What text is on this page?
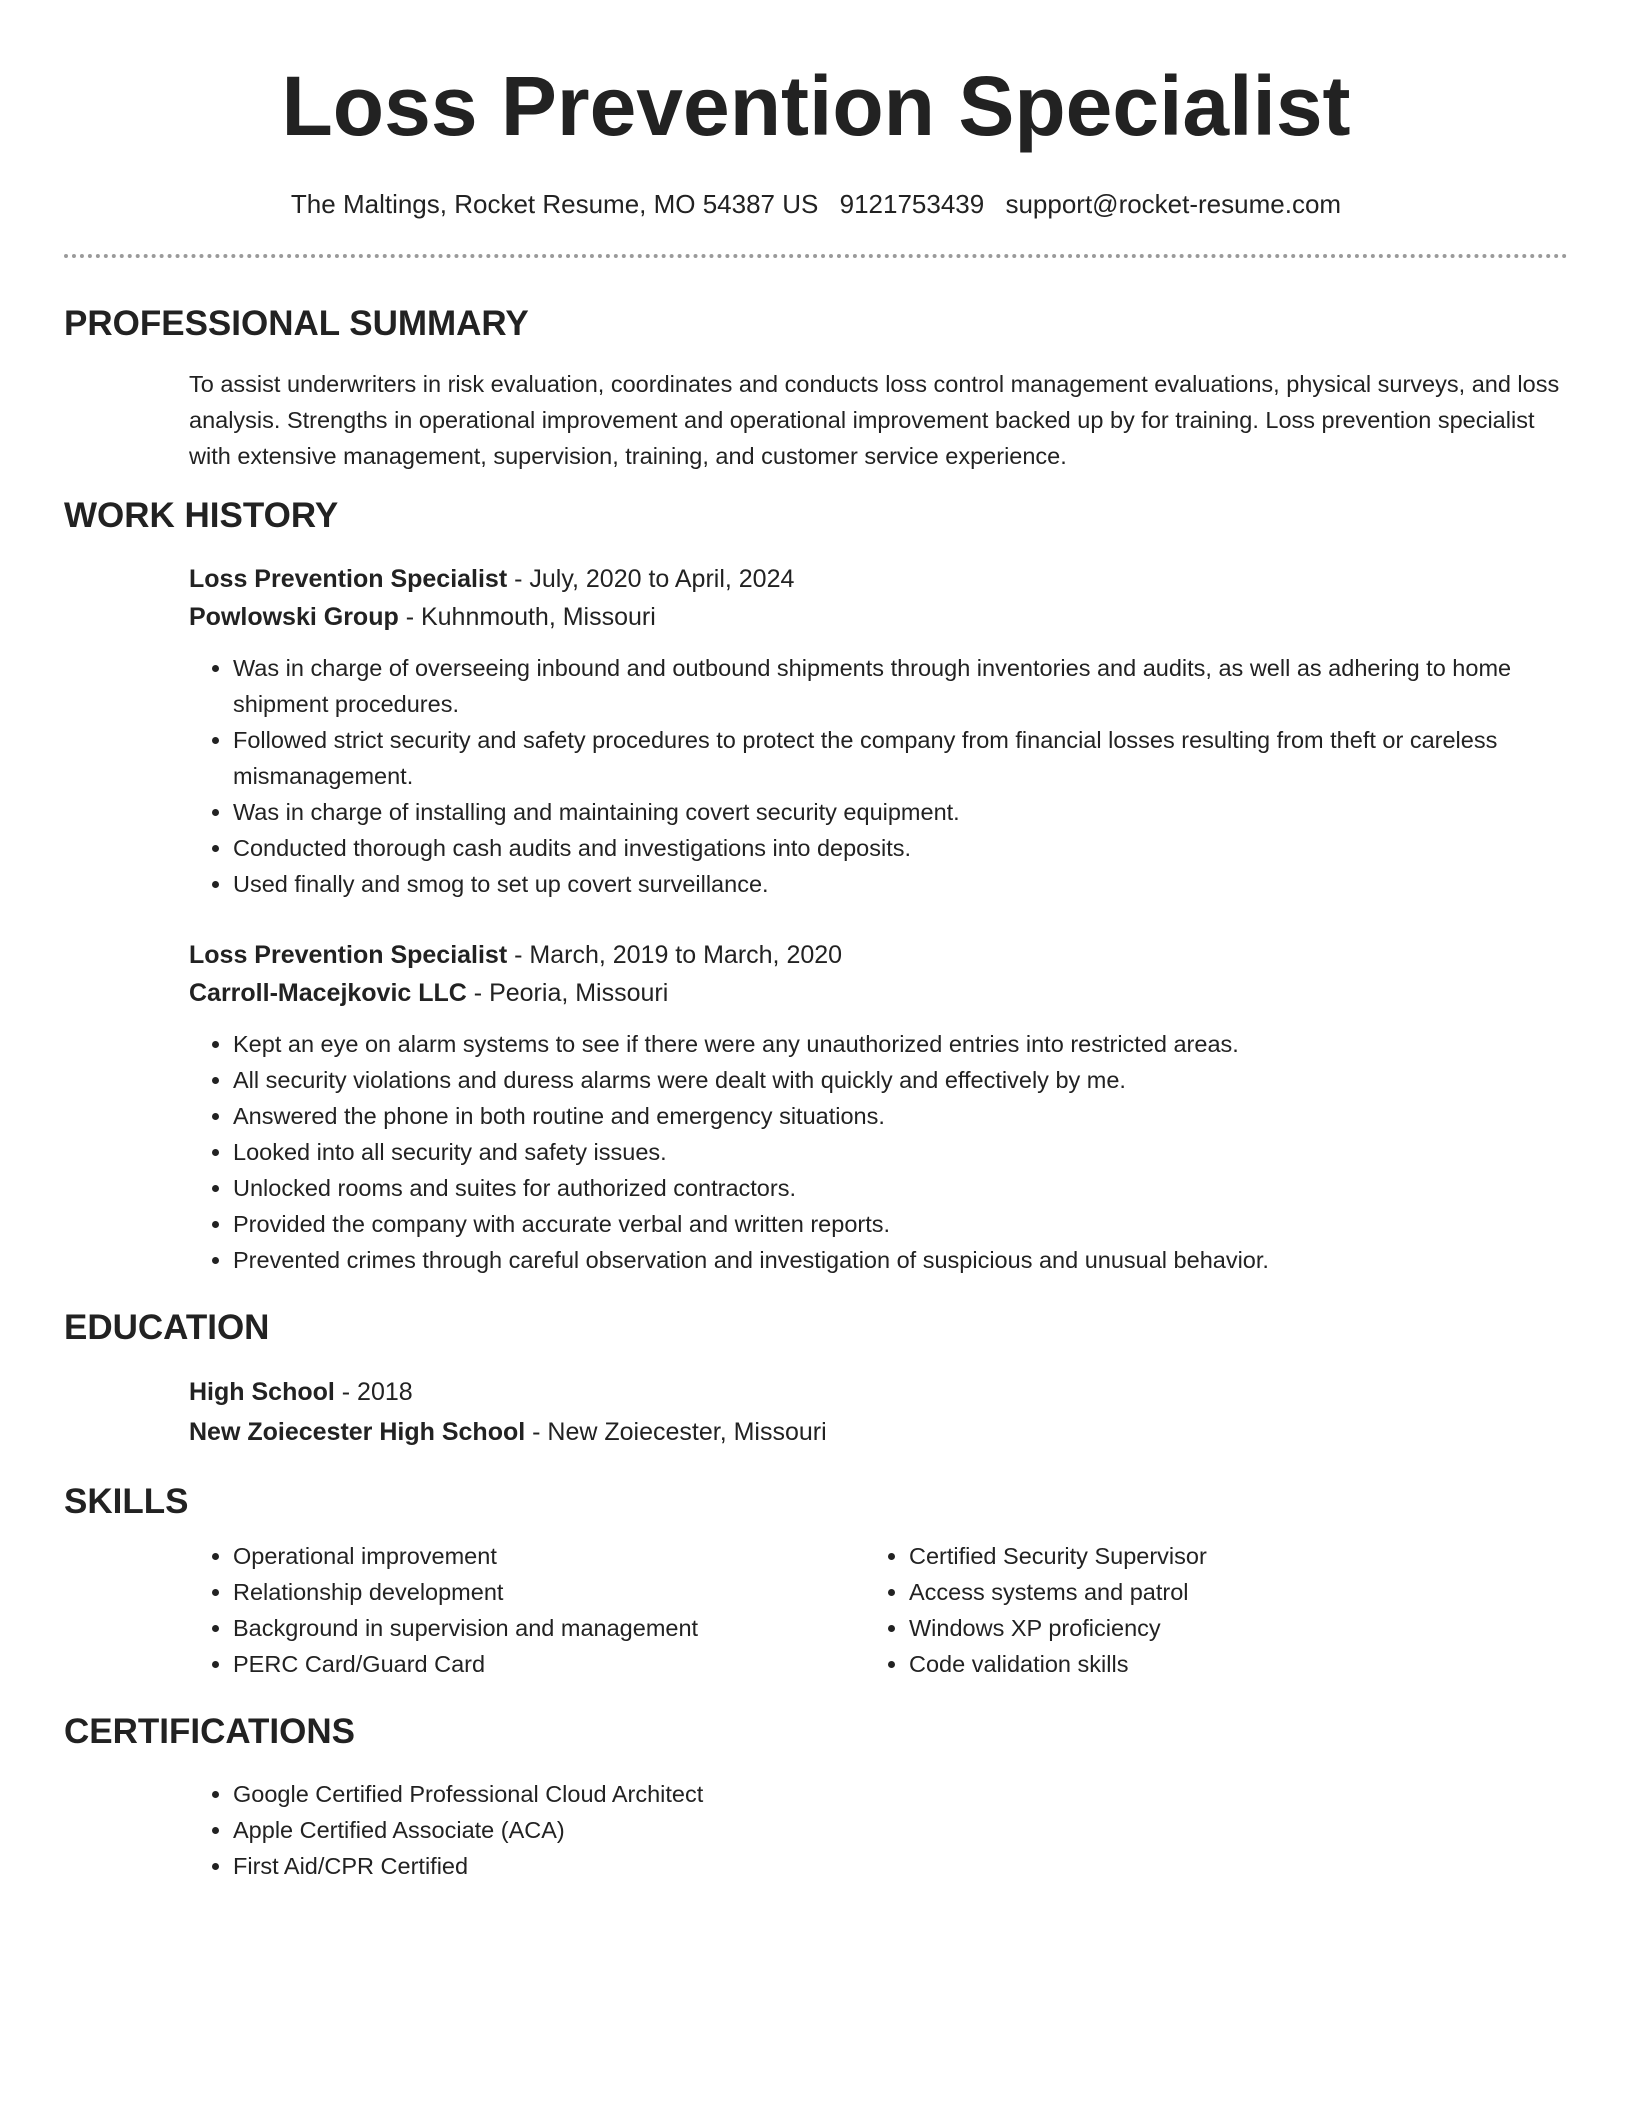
Loss Prevention Specialist
The Maltings, Rocket Resume, MO 54387 US 9121753439 support@rocket-resume.com
PROFESSIONAL SUMMARY

To assist underwriters in risk evaluation, coordinates and conducts loss control management evaluations, physical surveys, and loss analysis. Strengths in operational improvement and operational improvement backed up by for training. Loss prevention specialist with extensive management, supervision, training, and customer service experience.

WORK HISTORY
Loss Prevention Specialist - July, 2020 to April, 2024
Powlowski Group - Kuhnmouth, Missouri
• Was in charge of overseeing inbound and outbound shipments through inventories and audits, as well as adhering to home shipment procedures.
• Followed strict security and safety procedures to protect the company from financial losses resulting from theft or careless mismanagement.
• Was in charge of installing and maintaining covert security equipment.
• Conducted thorough cash audits and investigations into deposits.
• Used finally and smog to set up covert surveillance.
Loss Prevention Specialist - March, 2019 to March, 2020
Carroll-Macejkovic LLC - Peoria, Missouri
• Kept an eye on alarm systems to see if there were any unauthorized entries into restricted areas.
• All security violations and duress alarms were dealt with quickly and effectively by me.
• Answered the phone in both routine and emergency situations.
• Looked into all security and safety issues.
• Unlocked rooms and suites for authorized contractors.
• Provided the company with accurate verbal and written reports.
• Prevented crimes through careful observation and investigation of suspicious and unusual behavior.
EDUCATION
High School - 2018
New Zoiecester High School - New Zoiecester, Missouri
SKILLS
• Operational improvement
• Relationship development
• Background in supervision and management
• PERC Card/Guard Card
• Certified Security Supervisor
• Access systems and patrol
• Windows XP proficiency
• Code validation skills
CERTIFICATIONS
• Google Certified Professional Cloud Architect
• Apple Certified Associate (ACA)
• First Aid/CPR Certified
